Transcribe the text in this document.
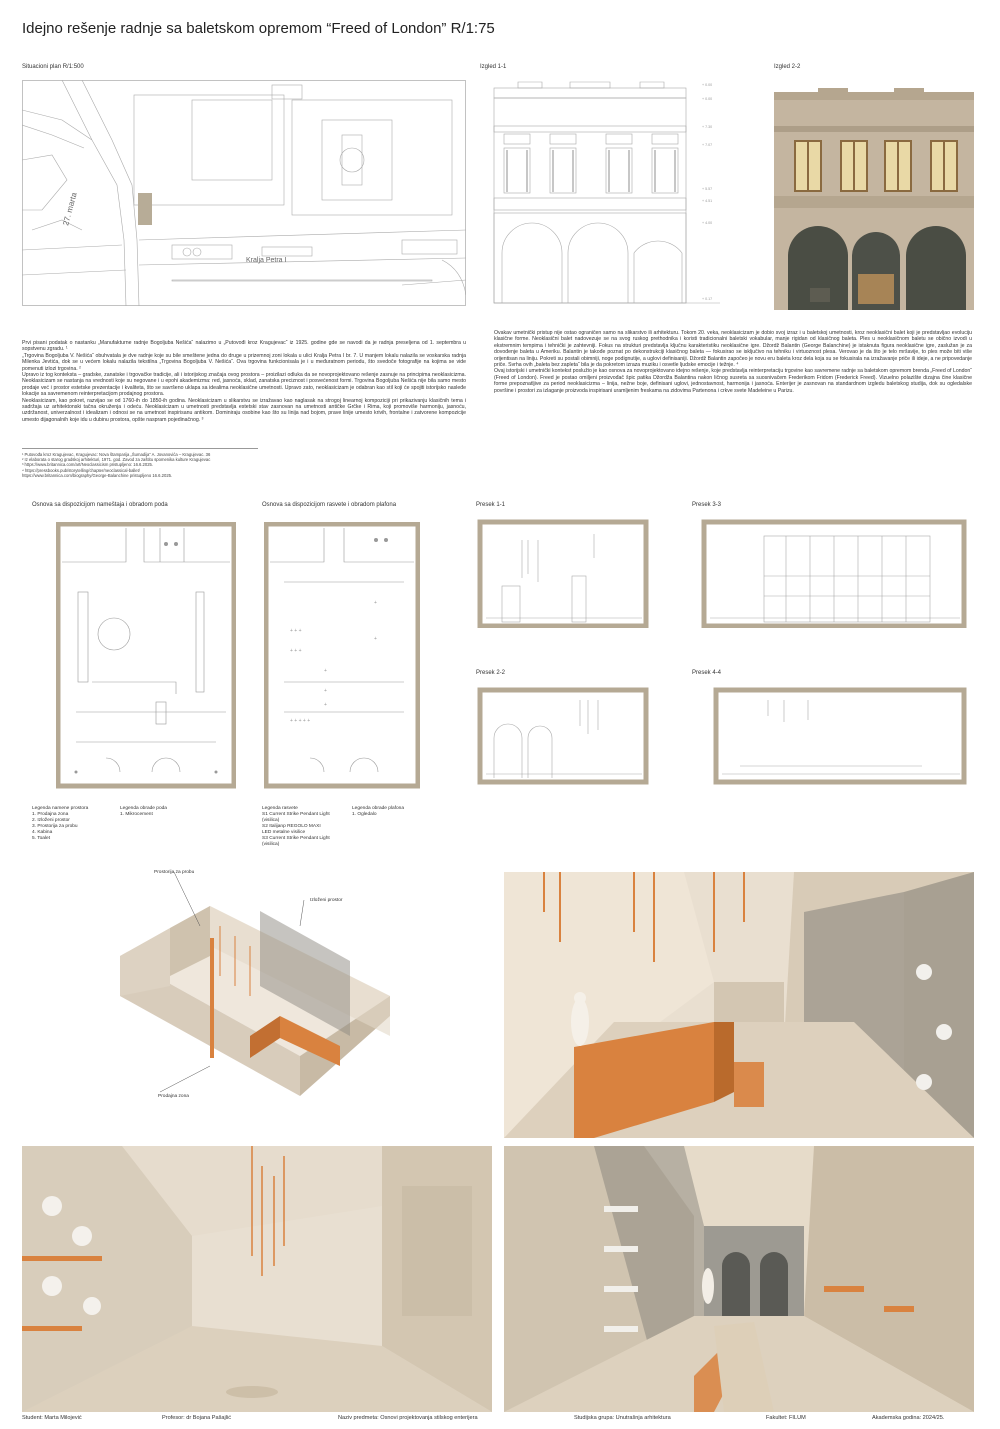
Idejno rešenje radnje sa baletskom opremom “Freed of London” R/1:75
Situacioni plan R/1:500
27. marta
Kralja Petra I
Izgled 1-1
+ 0.00
+ 0.00
+ 7.30
+ 7.07
+ 5.57
+ 4.51
+ 4.00
+ 0.17
Izgled 2-2
Prvi pisani podatak o nastanku „Manufakturne radnje Bogoljuba Nešića“ nalazimo u „Putovođi kroz Kragujevac“ iz 1925. godine gde se navodi da je radnja preseljena od 1. septembra u sopstvenu zgradu. ¹
„Trgovina Bogoljuba V. Nešića“ obuhvatala je dve radnje koje su bile smeštene jedna do druge u prizemnoj zoni lokala u ulici Kralja Petra I br. 7. U manjem lokalu nalazila se voskarska radnja Milenka Jevtića, dok se u većem lokalu nalazila tekstilna „Trgovina Bogoljuba V. Nešića“. Ova trgovina funkcionisala je i u međuratnom periodu, što svedoče fotografije na kojima se vide pomenuti izlozi trgovina. ²
Upravo iz tog konteksta – gradske, zanatske i trgovačke tradicije, ali i istorijskog značaja ovog prostora – proizilazi odluka da se novoprojektovano rešenje zasnuje na principima neoklasicizma. Neoklasicizam se nastanja na vrednosti koje su negovane i u epohi akademizma: red, jasnoća, sklad, zanatska preciznost i posvećenost formi. Trgovina Bogoljuba Nešića nije bila samo mesto prodaje već i prostor estetske prezentacije i kvaliteta, što se savršeno uklapa sa idealima neoklasične umetnosti. Upravo zato, neoklasicizam je odabran kao stil koji će spojiti istorijsko nasleđe lokacije sa savremenom reinterpretacijom prodajnog prostora.
Neoklasicizam, kao pokret, razvijao se od 1760-ih do 1850-ih godina. Neoklasicizam u slikarstvu se izražavao kao naglasak na strogoj linearnoj kompoziciji pri prikazivanju klasičnih tema i sadržaja uz arhitektonski tačna okruženja i odeću. Neoklasicizam u umetnosti predstavlja estetski stav zasnovan na umetnosti antičke Grčke i Rima, koji promoviše harmoniju, jasnoću, uzdržanost, univerzalnost i idealizam i odnosi se na umetnost inspirisanu antikom. Dominiraju osobine kao što su linija nad bojom, prave linije umesto krivih, frontalne i zatvorene kompozicije umesto dijagonalnih koje idu u dubinu prostora, opšte naspram pojedinačnog. ³
¹ Putovođa kroz Kragujevac, Kragujevac: Nova štamparija „Šumadija“ A. Jovanovića – Kragujevac. 36
² Iz elaborata o starog gradskoj arhitekturi, 1971. god. Zavod za zaštitu spomenika kulture Kragujevac
³ https://www.britannica.com/art/Neoclassicism pristupljeno: 16.6.2025.
⁴ https://pressbooks.pub/storytelling/chapter/neoclassical-ballet/
https://www.britannica.com/biography/George-Balanchine pristupljeno 16.6.2025.
Ovakav umetnički pristup nije ostao ograničen samo na slikarstvo ili arhitekturu. Tokom 20. veka, neoklasicizam je dobio svoj izraz i u baletskoj umetnosti, kroz neoklasični balet koji je predstavljao evoluciju klasične forme. Neoklasični balet nadovezuje se na svog ruskog prethodnika i koristi tradicionalni baletski vokabular, manje rigidan od klasičnog baleta. Ples u neoklasičnom baletu se obično izvodi u ekstremnim tempima i tehnički je zahtevniji. Fokus na strukturi predstavlja ključnu karakteristiku neoklasične igre. Džordž Balantin (George Balanchine) je istaknuta figura neoklasične igre, zaslužan je za dovođenje baleta u Ameriku. Balantin je takođe poznat po dekonstrukciji klasičnog baleta — fokusirao se isključivo na tehniku i virtuoznost plesa. Verovao je da što je telo mršavije, to ples može biti više orijentisan na liniju. Pokreti su postali obimniji, noge podignutije, a uglovi definisaniji. Džordž Balantin započeo je novu eru baleta kroz dela koja su se fokusirala na izražavanje priče ili ideje, a ne pripovedanje priče. Svrha ovih „baleta bez zapleta“ bila je da pokretom izraza muziku i osvetle ljudske emocije i težnje. ⁴
Ovaj istorijski i umetnički kontekst poslužio je kao osnova za novoprojektovano idejno rešenje, koje predstavlja reinterpretaciju trgovine kao savremene radnje sa baletskom opremom brenda „Freed of London“ (Freed of London). Freed je postao omiljeni proizvođač špic patika Džordža Balantina nakon ličnog susreta sa suosnivačem Frederikom Fridom (Frederick Freed). Vizuelno polazište dizajna čine klasične forme prepoznatljive za period neoklasicizma – linija, nežne boje, definisani uglovi, jednostavnost, harmonija i jasnoća. Enterijer je zasnovan na standardnom izgledu baletskog studija, dok su ogledalske površine i prostori za izlaganje proizvoda inspirisani uramljenim freskama na zidovima Partenona i crkve svete Madeleine u Parizu.
Osnova sa dispozicijom nameštaja i obradom poda	Osnova sa dispozicijom rasvete i obradom plafona
+ + +
+
+ + +
+
+
+
+ + + + +
+
Legenda namene prostora
1. Prodajna zona
2. Izloženi prostor
3. Prostorija za probu
4. Kabina
5. Toalet
Legenda obrade poda
1. Mikrocement
Legenda rasvete
S1 Current Strike Pendant Light
(visilica)
S2 Italijanp REGOLO MAXI
LED metalne visilice
S3 Current Strike Pendant Light
(visilica)
Legenda obrade plafona
1. Ogledalo
Presek 1-1	Presek 3-3
Presek 2-2	Presek 4-4
Prostorija za probu
Izloženi prostor
Prodajna zona
Student: Marta Milojević	Profesor: dr Bojana Pašajlić	Naziv predmeta: Osnovi projektovanja stilskog enterijera	Studijska grupa: Unutrašnja arhitektura	Fakultet: FILUM	Akademska godina: 2024/25.
